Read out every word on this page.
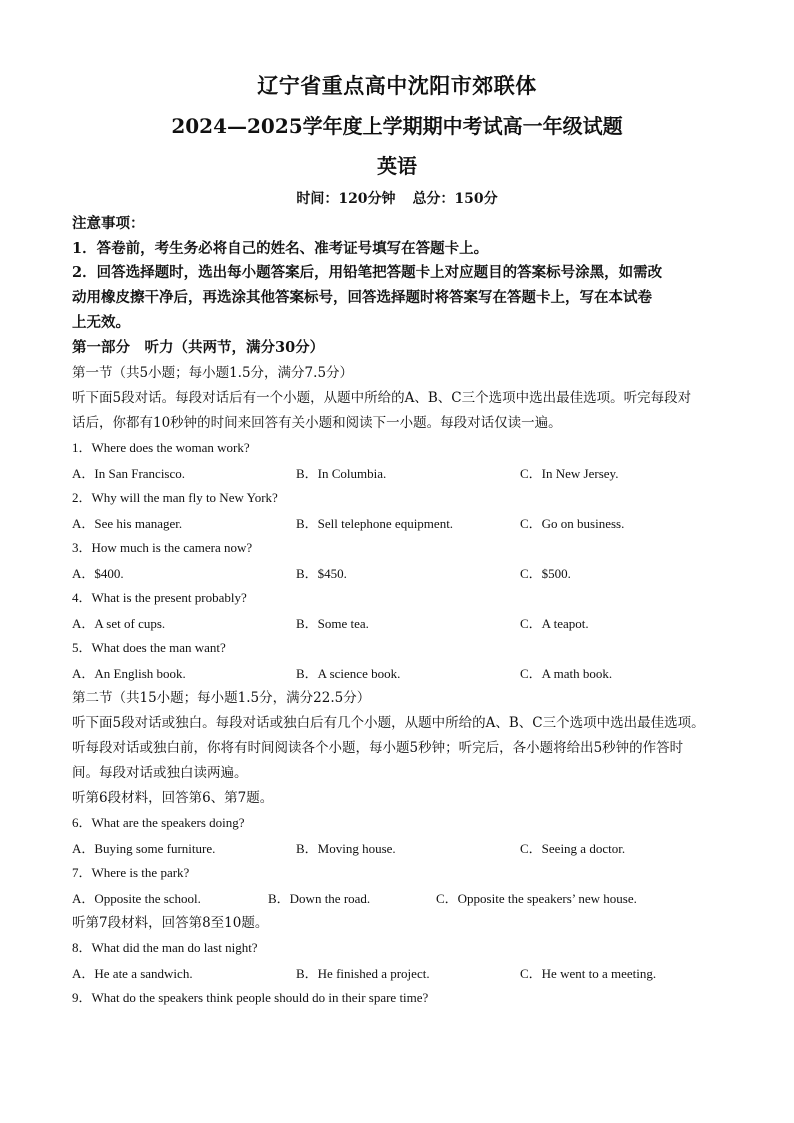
辽宁省重点高中沈阳市郊联体
2024—2025学年度上学期期中考试高一年级试题
英语
时间：120分钟 总分：150分
注意事项：
1．答卷前，考生务必将自己的姓名、准考证号填写在答题卡上。
2．回答选择题时，选出每小题答案后，用铅笔把答题卡上对应题目的答案标号涂黑，如需改
动用橡皮擦干净后，再选涂其他答案标号，回答选择题时将答案写在答题卡上，写在本试卷
上无效。
第一部分　听力（共两节，满分30分）
第一节（共5小题；每小题1.5分，满分7.5分）
听下面5段对话。每段对话后有一个小题，从题中所给的A、B、C三个选项中选出最佳选项。听完每段对
话后，你都有10秒钟的时间来回答有关小题和阅读下一小题。每段对话仅读一遍。
1．Where does the woman work?
A．In San Francisco.	B．In Columbia.	C．In New Jersey.
2．Why will the man fly to New York?
A．See his manager.	B．Sell telephone equipment.	C．Go on business.
3．How much is the camera now?
A．$400.	B．$450.	C．$500.
4．What is the present probably?
A．A set of cups.	B．Some tea.	C．A teapot.
5．What does the man want?
A．An English book.	B．A science book.	C．A math book.
第二节（共15小题；每小题1.5分，满分22.5分）
听下面5段对话或独白。每段对话或独白后有几个小题，从题中所给的A、B、C三个选项中选出最佳选项。
听每段对话或独白前，你将有时间阅读各个小题，每小题5秒钟；听完后，各小题将给出5秒钟的作答时
间。每段对话或独白读两遍。
听第6段材料，回答第6、第7题。
6．What are the speakers doing?
A．Buying some furniture.	B．Moving house.	C．Seeing a doctor.
7．Where is the park?
A．Opposite the school.	B．Down the road.	C．Opposite the speakers’ new house.
听第7段材料，回答第8至10题。
8．What did the man do last night?
A．He ate a sandwich.	B．He finished a project.	C．He went to a meeting.
9．What do the speakers think people should do in their spare time?
